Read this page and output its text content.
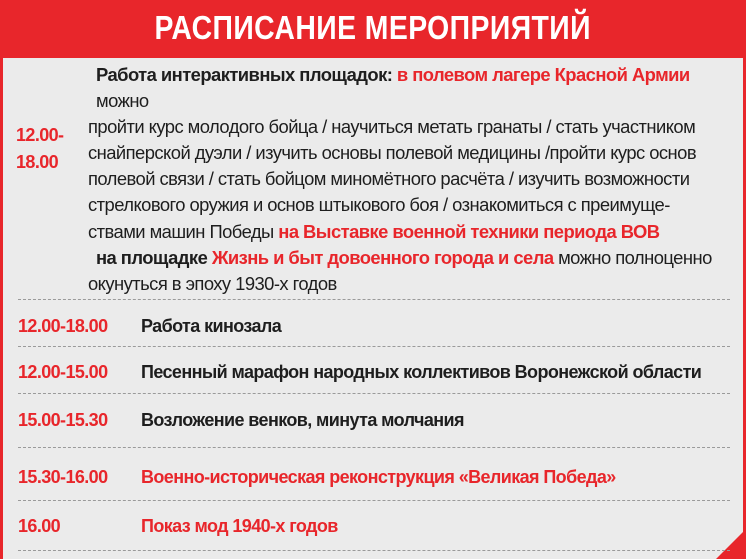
РАСПИСАНИЕ МЕРОПРИЯТИЙ
12.00-
18.00
Работа интерактивных площадок: в полевом лагере Красной Армии можно
пройти курс молодого бойца / научиться метать гранаты / стать участником
снайперской дуэли / изучить основы полевой медицины /пройти курс основ
полевой связи / стать бойцом миномётного расчёта / изучить возможности
стрелкового оружия и основ штыкового боя / ознакомиться с преимуще-
ствами машин Победы на Выставке военной техники периода ВОВ
на площадке Жизнь и быт довоенного города и села можно полноценно
окунуться в эпоху 1930-х годов
12.00-18.00 Работа кинозала
12.00-15.00 Песенный марафон народных коллективов Воронежской области
15.00-15.30 Возложение венков, минута молчания
15.30-16.00 Военно-историческая реконструкция «Великая Победа»
16.00	Показ мод 1940-х годов
